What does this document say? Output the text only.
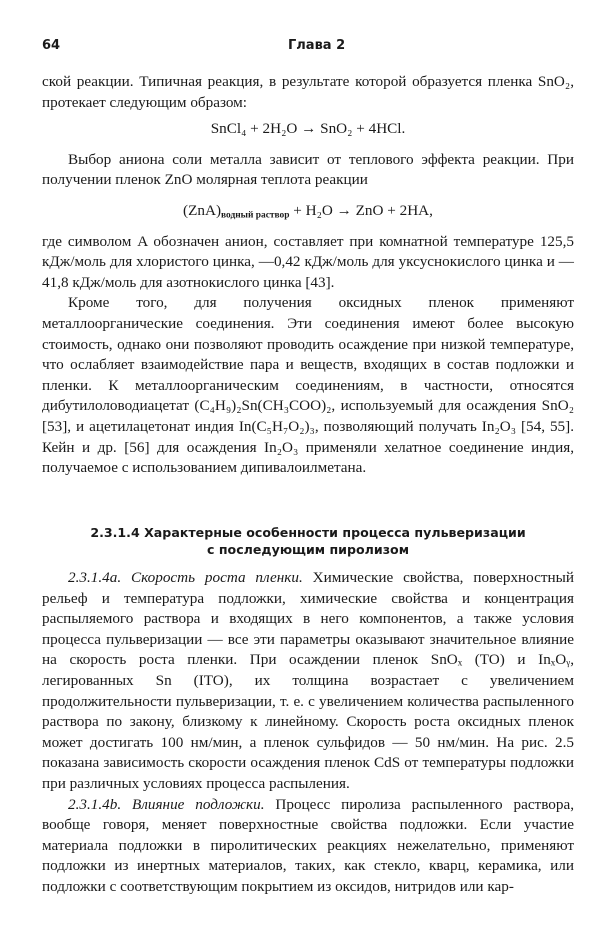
64	Глава 2

ской реакции. Типичная реакция, в результате которой образуется пленка SnO₂, протекает следующим образом:

SnCl₄ + 2H₂O → SnO₂ + 4HCl.

Выбор аниона соли металла зависит от теплового эффекта реакции. При получении пленок ZnO молярная теплота реакции

(ZnA)водный раствор + H₂O → ZnO + 2HA,

где символом A обозначен анион, составляет при комнатной температуре 125,5 кДж/моль для хлористого цинка, —0,42 кДж/моль для уксуснокислого цинка и —41,8 кДж/моль для азотнокислого цинка [43].

Кроме того, для получения оксидных пленок применяют металлоорганические соединения. Эти соединения имеют более высокую стоимость, однако они позволяют проводить осаждение при низкой температуре, что ослабляет взаимодействие пара и веществ, входящих в состав подложки и пленки. К металлоорганическим соединениям, в частности, относятся дибутилоловодиацетат (C₄H₉)₂Sn(CH₃COO)₂, используемый для осаждения SnO₂ [53], и ацетилацетонат индия In(C₅H₇O₂)₃, позволяющий получать In₂O₃ [54, 55]. Кейн и др. [56] для осаждения In₂O₃ применяли хелатное соединение индия, получаемое с использованием дипивалоилметана.

2.3.1.4 Характерные особенности процесса пульверизации

с последующим пиролизом

2.3.1.4a. Скорость роста пленки. Химические свойства, поверхностный рельеф и температура подложки, химические свойства и концентрация распыляемого раствора и входящих в него компонентов, а также условия процесса пульверизации — все эти параметры оказывают значительное влияние на скорость роста пленки. При осаждении пленок SnOₓ (TO) и InₓOᵧ, легированных Sn (ITO), их толщина возрастает с увеличением продолжительности пульверизации, т. е. с увеличением количества распыленного раствора по закону, близкому к линейному. Скорость роста оксидных пленок может достигать 100 нм/мин, а пленок сульфидов — 50 нм/мин. На рис. 2.5 показана зависимость скорости осаждения пленок CdS от температуры подложки при различных условиях процесса распыления.

2.3.1.4b. Влияние подложки. Процесс пиролиза распыленного раствора, вообще говоря, меняет поверхностные свойства подложки. Если участие материала подложки в пиролитических реакциях нежелательно, применяют подложки из инертных материалов, таких, как стекло, кварц, керамика, или подложки с соответствующим покрытием из оксидов, нитридов или кар-
